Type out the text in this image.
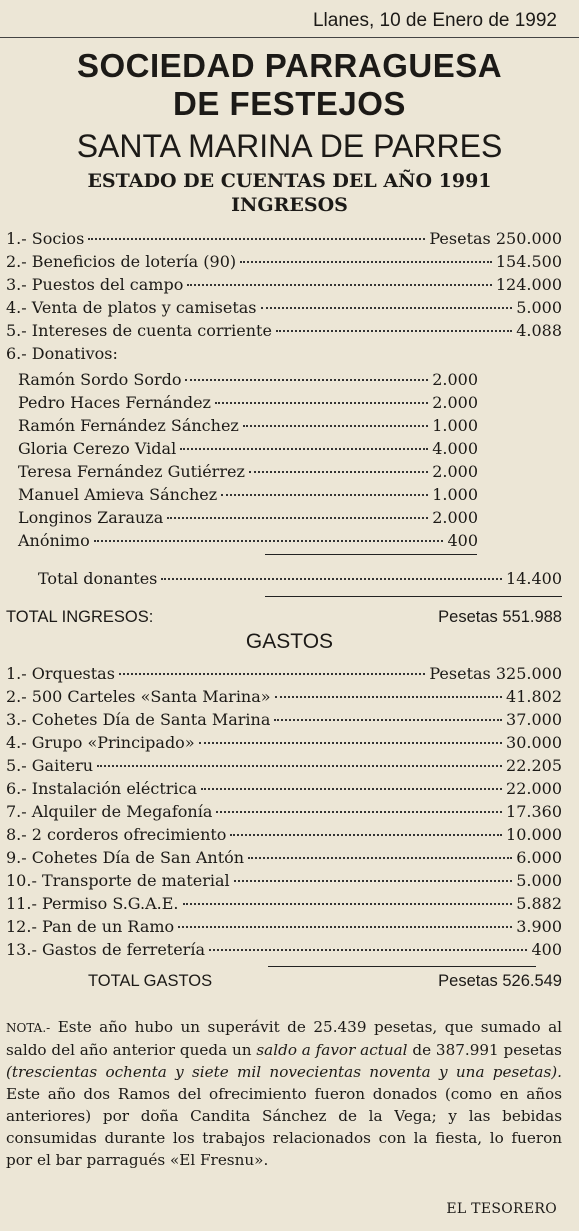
Llanes, 10 de Enero de 1992
SOCIEDAD PARRAGUESA
DE FESTEJOS
SANTA MARINA DE PARRES
ESTADO DE CUENTAS DEL AÑO 1991
INGRESOS
1.- Socios	Pesetas 250.000
2.- Beneficios de lotería (90)	154.500
3.- Puestos del campo	124.000
4.- Venta de platos y camisetas	5.000
5.- Intereses de cuenta corriente	4.088
6.- Donativos:
Ramón Sordo Sordo	2.000
Pedro Haces Fernández	2.000
Ramón Fernández Sánchez	1.000
Gloria Cerezo Vidal	4.000
Teresa Fernández Gutiérrez	2.000
Manuel Amieva Sánchez	1.000
Longinos Zarauza	2.000
Anónimo	400
Total donantes	14.400
TOTAL INGRESOS:	Pesetas 551.988
GASTOS
1.- Orquestas	Pesetas 325.000
2.- 500 Carteles «Santa Marina»	41.802
3.- Cohetes Día de Santa Marina	37.000
4.- Grupo «Principado»	30.000
5.- Gaiteru	22.205
6.- Instalación eléctrica	22.000
7.- Alquiler de Megafonía	17.360
8.- 2 corderos ofrecimiento	10.000
9.- Cohetes Día de San Antón	6.000
10.- Transporte de material	5.000
11.- Permiso S.G.A.E.	5.882
12.- Pan de un Ramo	3.900
13.- Gastos de ferretería	400
TOTAL GASTOS	Pesetas 526.549

NOTA.- Este año hubo un superávit de 25.439 pesetas, que sumado al saldo del año anterior queda un saldo a favor actual de 387.991 pesetas (trescientas ochenta y siete mil novecientas noventa y una pesetas). Este año dos Ramos del ofrecimiento fueron donados (como en años anteriores) por doña Candita Sánchez de la Vega; y las bebidas consumidas durante los trabajos relacionados con la fiesta, lo fueron por el bar parragués «El Fresnu».

EL TESORERO
